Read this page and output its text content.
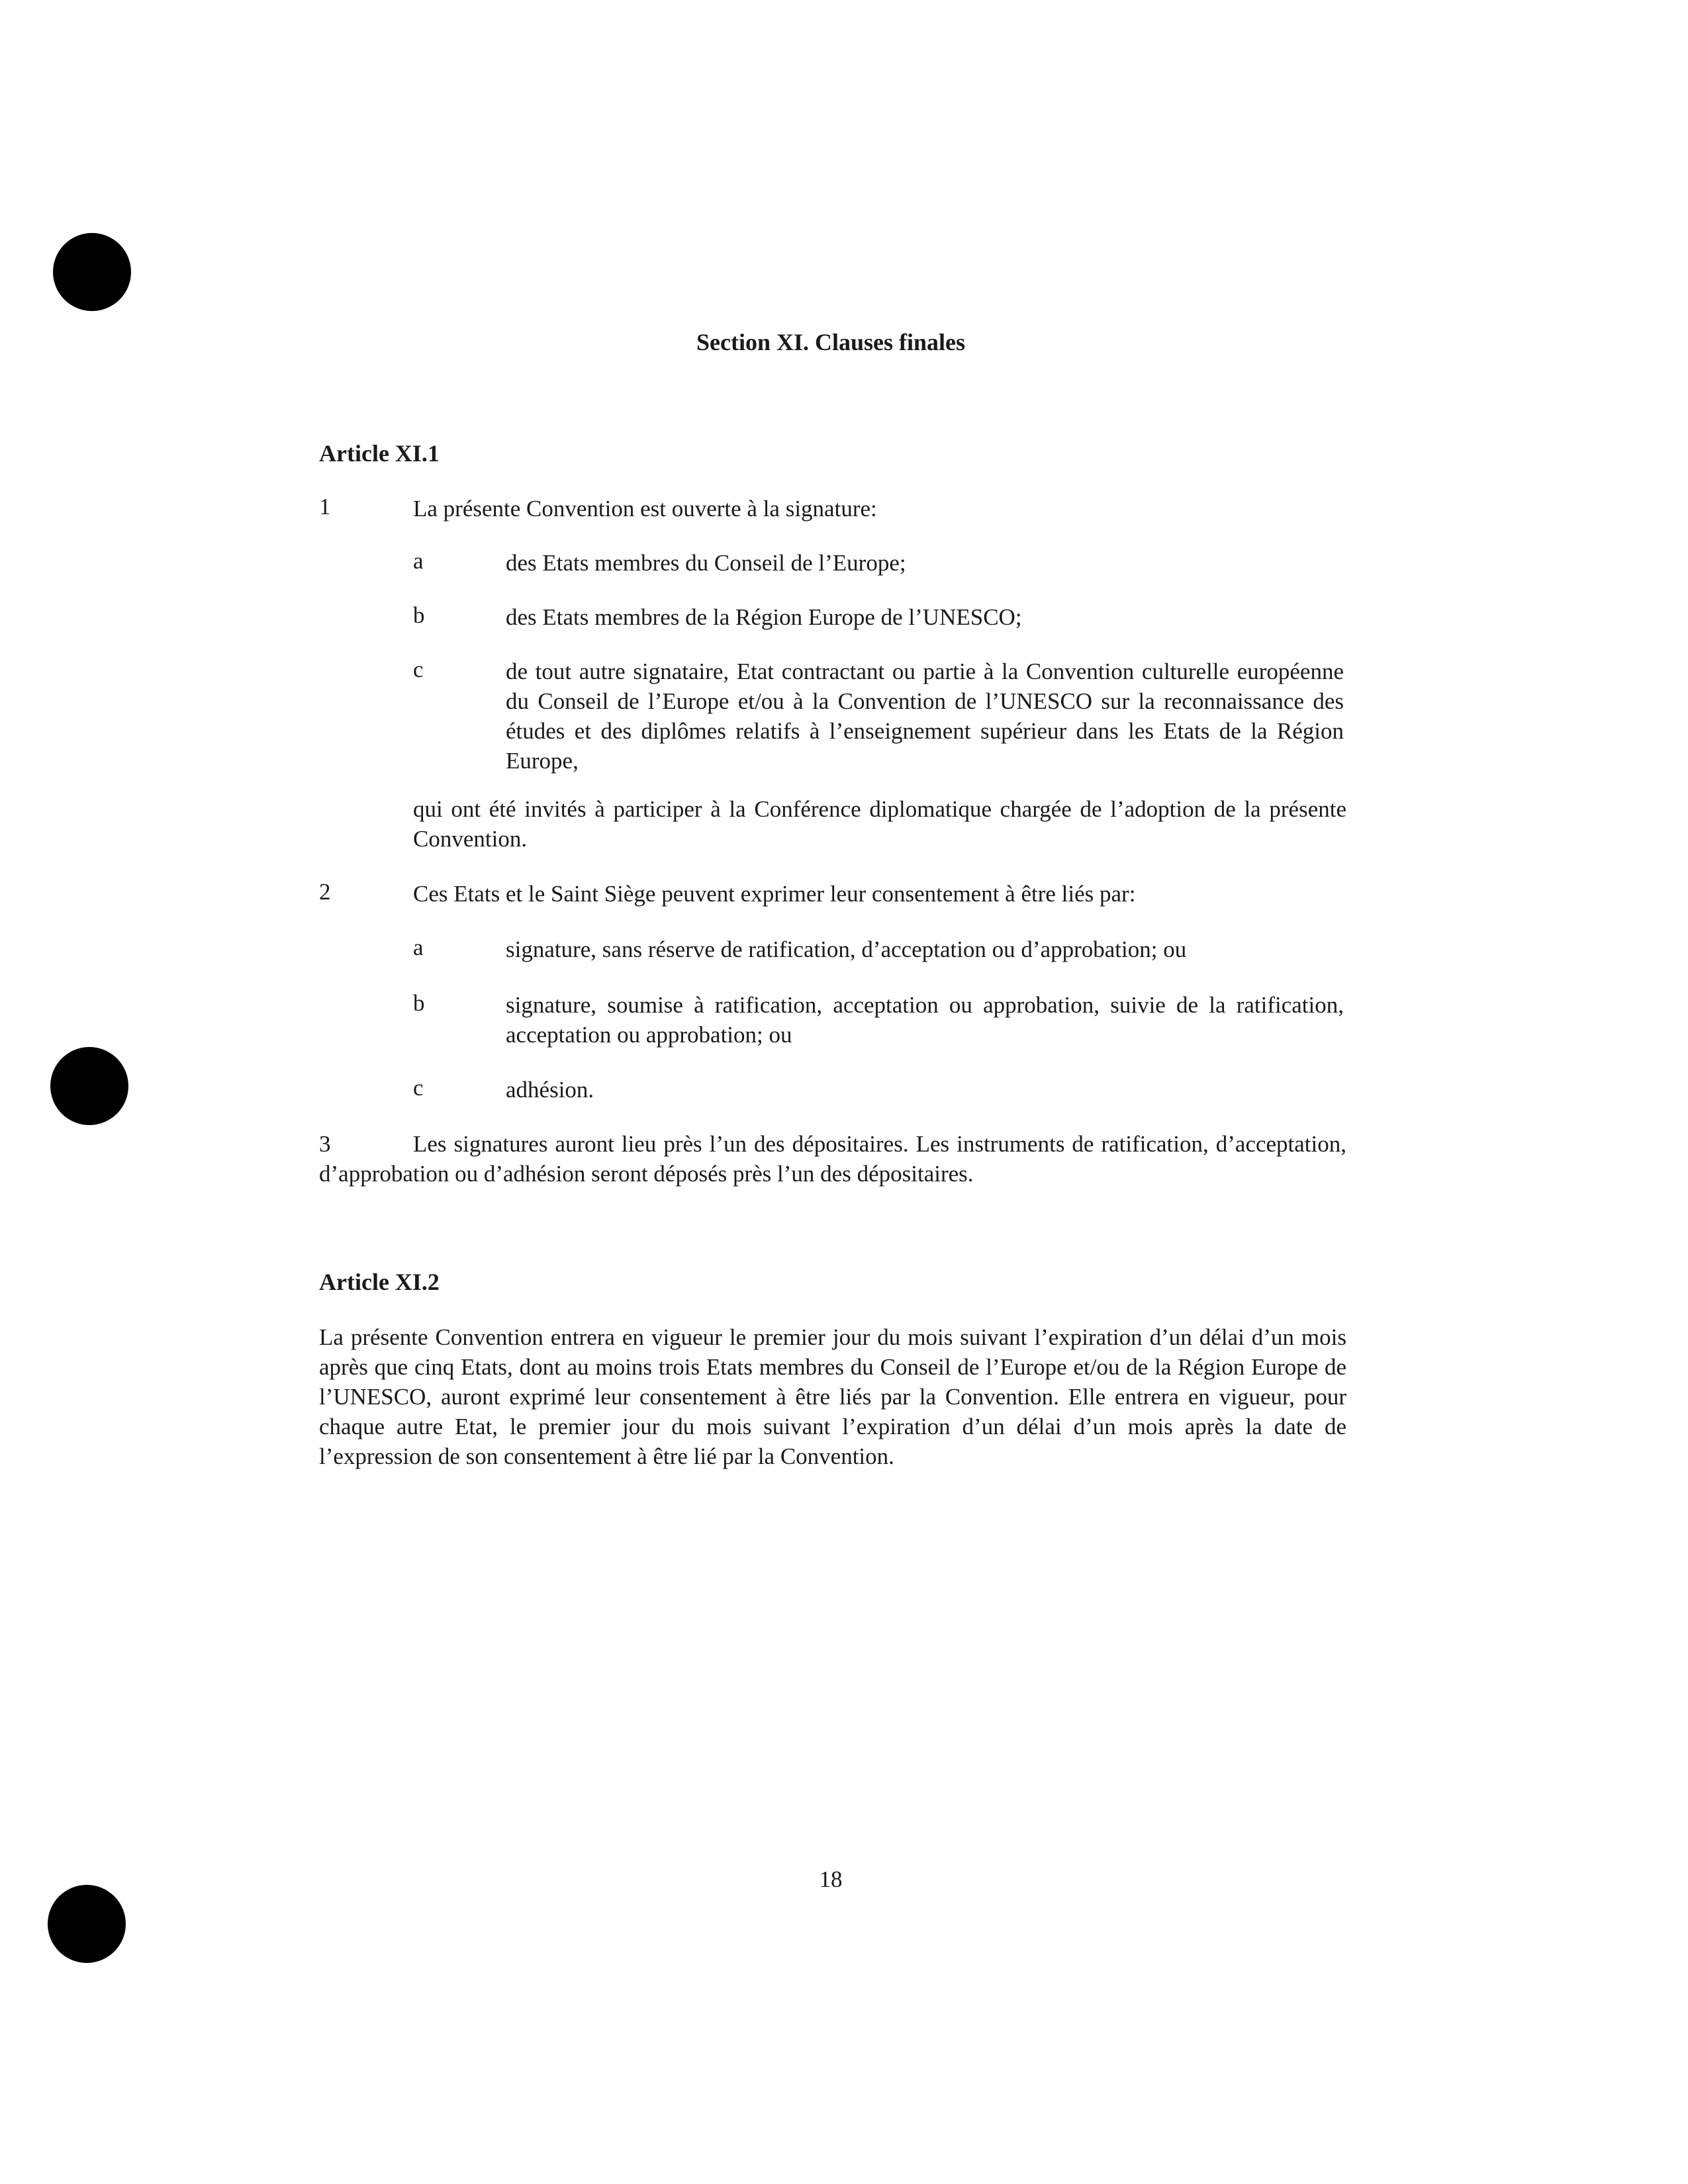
Section XI. Clauses finales
Article XI.1
1	La présente Convention est ouverte à la signature:
a	des Etats membres du Conseil de l’Europe;
b	des Etats membres de la Région Europe de l’UNESCO;
c	de tout autre signataire, Etat contractant ou partie à la Convention culturelle européenne du Conseil de l’Europe et/ou à la Convention de l’UNESCO sur la reconnaissance des études et des diplômes relatifs à l’enseignement supérieur dans les Etats de la Région Europe,
qui ont été invités à participer à la Conférence diplomatique chargée de l’adoption de la présente Convention.
2	Ces Etats et le Saint Siège peuvent exprimer leur consentement à être liés par:
a	signature, sans réserve de ratification, d’acceptation ou d’approbation; ou
b	signature, soumise à ratification, acceptation ou approbation, suivie de la ratification, acceptation ou approbation; ou
c	adhésion.
3	Les signatures auront lieu près l’un des dépositaires. Les instruments de ratification, d’acceptation, d’approbation ou d’adhésion seront déposés près l’un des dépositaires.
Article XI.2
La présente Convention entrera en vigueur le premier jour du mois suivant l’expiration d’un délai d’un mois après que cinq Etats, dont au moins trois Etats membres du Conseil de l’Europe et/ou de la Région Europe de l’UNESCO, auront exprimé leur consentement à être liés par la Convention. Elle entrera en vigueur, pour chaque autre Etat, le premier jour du mois suivant l’expiration d’un délai d’un mois après la date de l’expression de son consentement à être lié par la Convention.
18
